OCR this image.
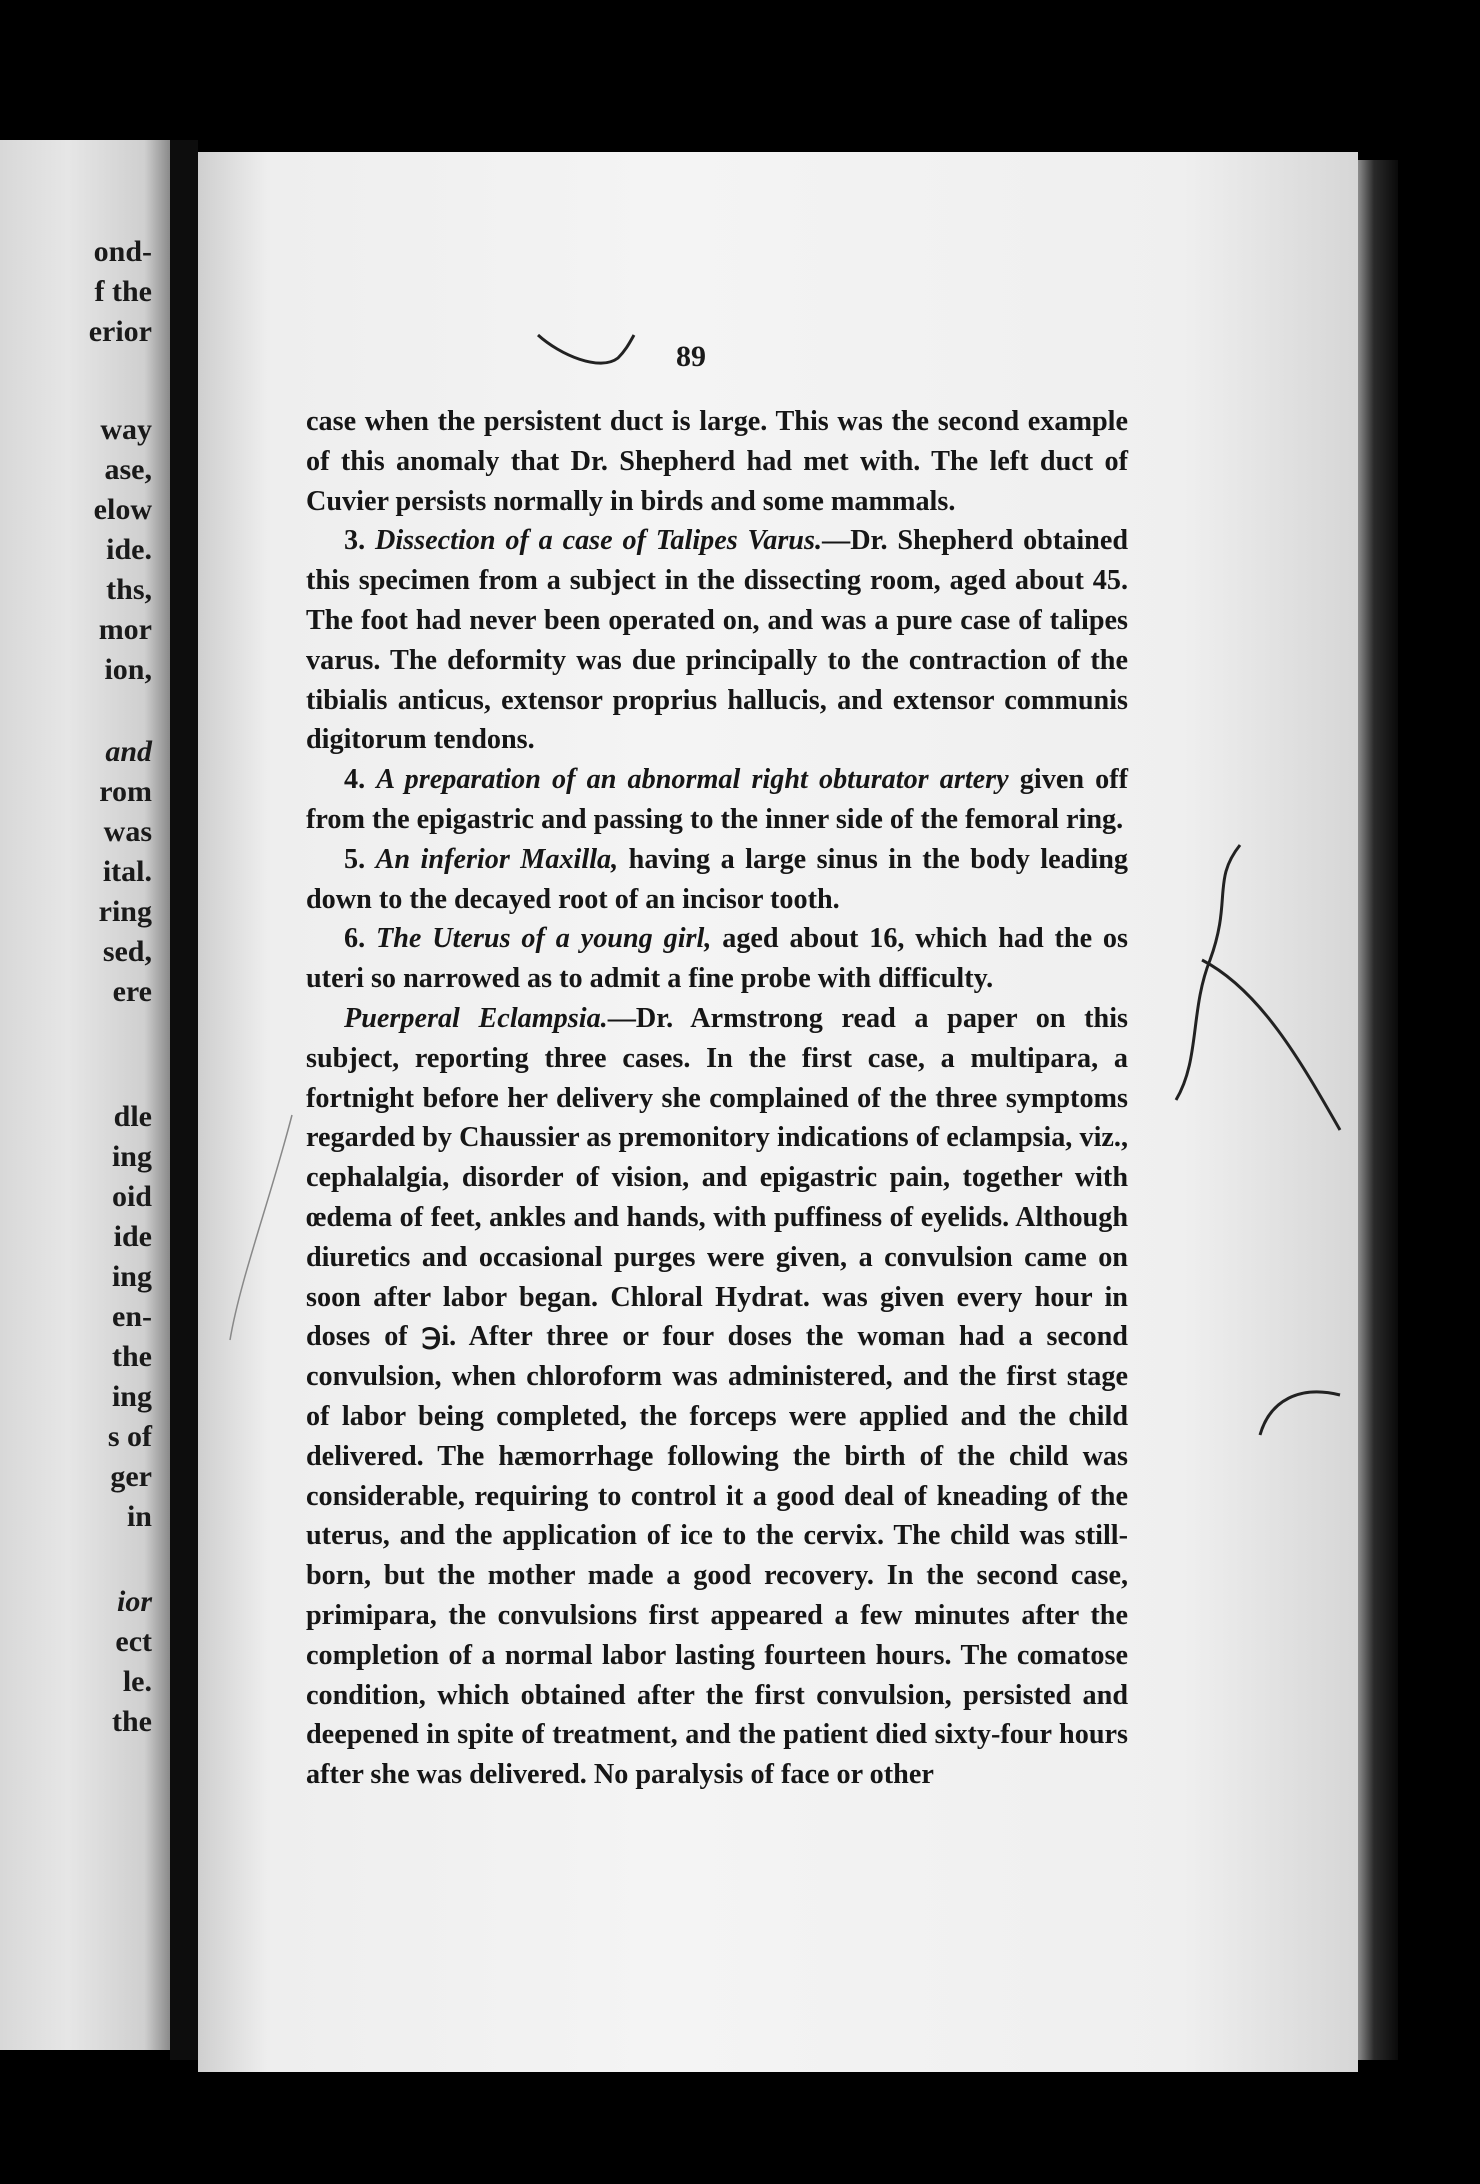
ond-
f the
erior
way
ase,
elow
ide.
ths,
mor
ion,
and
rom
was
ital.
ring
sed,
ere
dle
ing
oid
ide
ing
en-
the
ing
s of
ger
in
ior
ect
le.
the
89

case when the persistent duct is large. This was the second example of this anomaly that Dr. Shepherd had met with. The left duct of Cuvier persists normally in birds and some mammals.

3. Dissection of a case of Talipes Varus.—Dr. Shepherd obtained this specimen from a subject in the dissecting room, aged about 45. The foot had never been operated on, and was a pure case of talipes varus. The deformity was due principally to the contraction of the tibialis anticus, extensor proprius hallucis, and extensor communis digitorum tendons.

4. A preparation of an abnormal right obturator artery given off from the epigastric and passing to the inner side of the femoral ring.

5. An inferior Maxilla, having a large sinus in the body leading down to the decayed root of an incisor tooth.

6. The Uterus of a young girl, aged about 16, which had the os uteri so narrowed as to admit a fine probe with difficulty.

Puerperal Eclampsia.—Dr. Armstrong read a paper on this subject, reporting three cases. In the first case, a multipara, a fortnight before her delivery she complained of the three symptoms regarded by Chaussier as premonitory indications of eclampsia, viz., cephalalgia, disorder of vision, and epigastric pain, together with œdema of feet, ankles and hands, with puffiness of eyelids. Although diuretics and occasional purges were given, a convulsion came on soon after labor began. Chloral Hydrat. was given every hour in doses of ℈i. After three or four doses the woman had a second convulsion, when chloroform was administered, and the first stage of labor being completed, the forceps were applied and the child delivered. The hæmorrhage following the birth of the child was considerable, requiring to control it a good deal of kneading of the uterus, and the application of ice to the cervix. The child was still-born, but the mother made a good recovery. In the second case, primipara, the convulsions first appeared a few minutes after the completion of a normal labor lasting fourteen hours. The comatose condition, which obtained after the first convulsion, persisted and deepened in spite of treatment, and the patient died sixty-four hours after she was delivered. No paralysis of face or other
